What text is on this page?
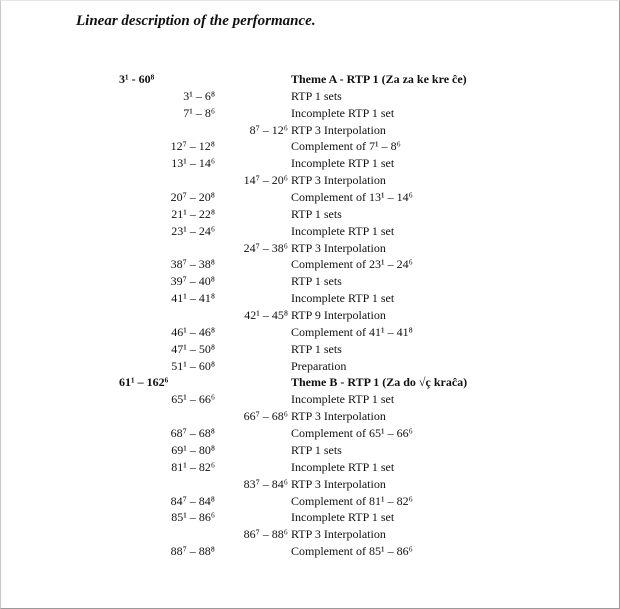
Linear description of the performance.
3¹ - 60⁸	Theme A - RTP 1 (Za za ke kre ĉe)
3¹ – 6⁸	RTP 1 sets
7¹ – 8⁶	Incomplete RTP 1 set
8⁷ – 12⁶ RTP 3 Interpolation
12⁷ – 12⁸	Complement of 7¹ – 8⁶
13¹ – 14⁶	Incomplete RTP 1 set
14⁷ – 20⁶ RTP 3 Interpolation
20⁷ – 20⁸	Complement of 13¹ – 14⁶
21¹ – 22⁸	RTP 1 sets
23¹ – 24⁶	Incomplete RTP 1 set
24⁷ – 38⁶ RTP 3 Interpolation
38⁷ – 38⁸	Complement of 23¹ – 24⁶
39⁷ – 40⁸	RTP 1 sets
41¹ – 41⁸	Incomplete RTP 1 set
42¹ – 45⁸ RTP 9 Interpolation
46¹ – 46⁸	Complement of 41¹ – 41⁸
47¹ – 50⁸	RTP 1 sets
51¹ – 60⁸	Preparation
61¹ – 162⁶	Theme B - RTP 1 (Za do √ç kraĉa)
65¹ – 66⁶	Incomplete RTP 1 set
66⁷ – 68⁶ RTP 3 Interpolation
68⁷ – 68⁸	Complement of 65¹ – 66⁶
69¹ – 80⁸	RTP 1 sets
81¹ – 82⁶	Incomplete RTP 1 set
83⁷ – 84⁶ RTP 3 Interpolation
84⁷ – 84⁸	Complement of 81¹ – 82⁶
85¹ – 86⁶	Incomplete RTP 1 set
86⁷ – 88⁶ RTP 3 Interpolation
88⁷ – 88⁸	Complement of 85¹ – 86⁶
